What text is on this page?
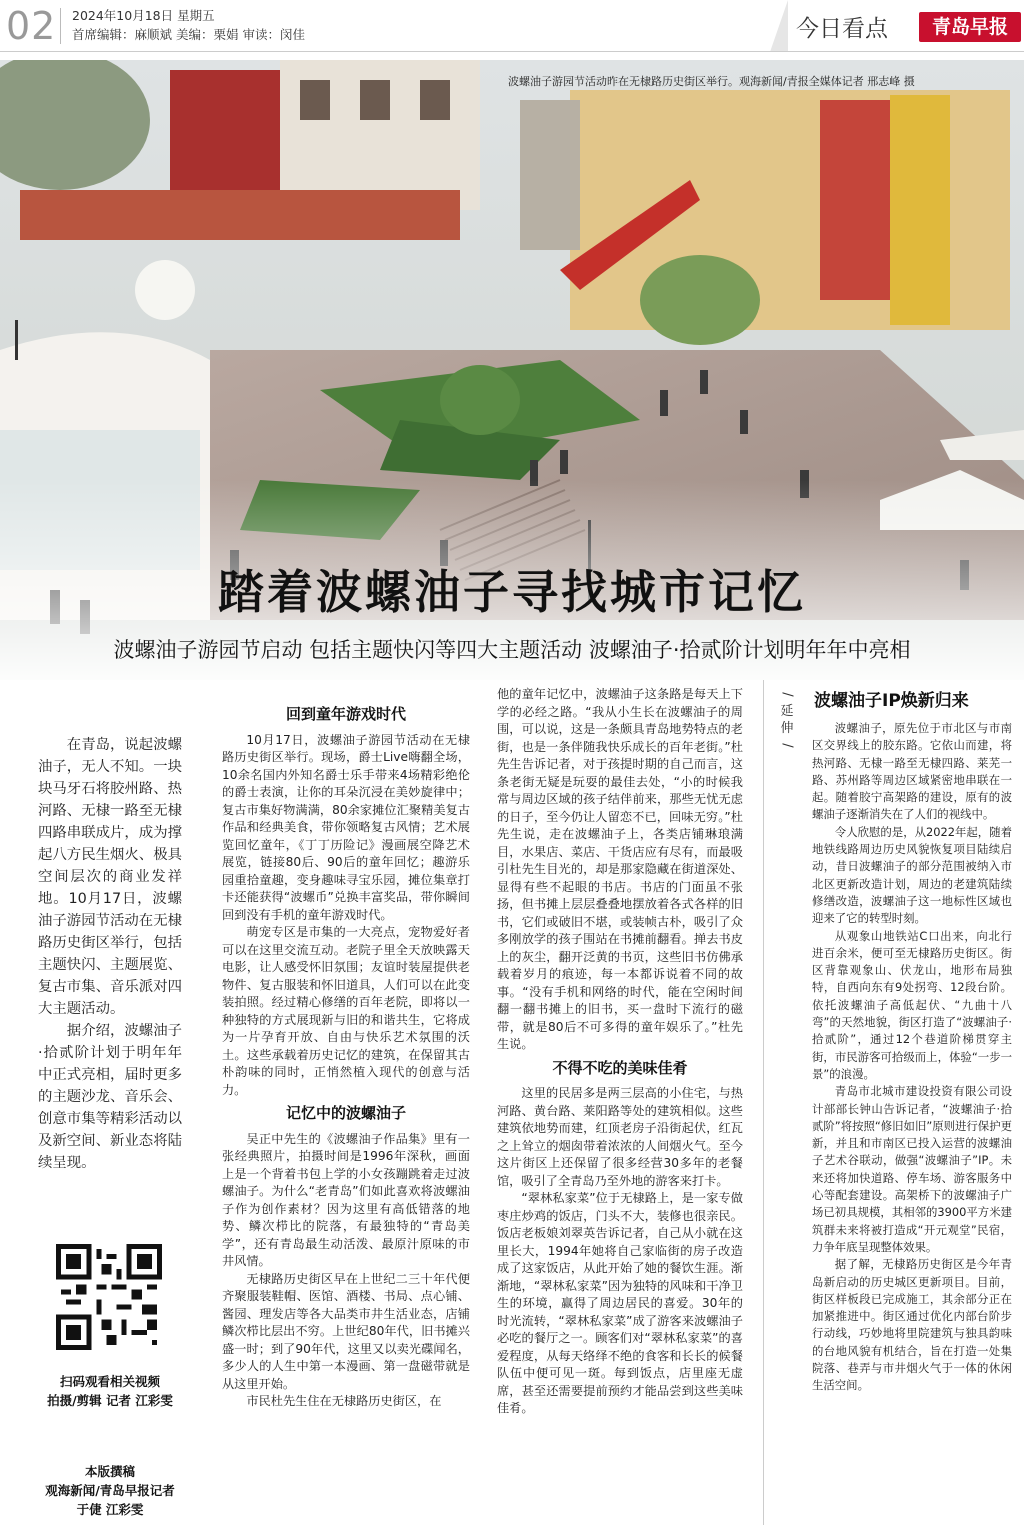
02 2024年10月18日 星期五
首席编辑：麻顺斌 美编：栗娟 审读：闵佳	今日看点	青岛早报
波螺油子游园节活动昨在无棣路历史街区举行。观海新闻/青报全媒体记者 邢志峰 摄
踏着波螺油子寻找城市记忆
波螺油子游园节启动 包括主题快闪等四大主题活动 波螺油子·拾贰阶计划明年年中亮相

在青岛，说起波螺油子，无人不知。一块块马牙石将胶州路、热河路、无棣一路至无棣四路串联成片，成为撑起八方民生烟火、极具空间层次的商业发祥地。10月17日，波螺油子游园节活动在无棣路历史街区举行，包括主题快闪、主题展览、复古市集、音乐派对四大主题活动。

据介绍，波螺油子·拾贰阶计划于明年年中正式亮相，届时更多的主题沙龙、音乐会、创意市集等精彩活动以及新空间、新业态将陆续呈现。

扫码观看相关视频
拍摄/剪辑 记者 江彩雯
本版撰稿
观海新闻/青岛早报记者
于倢 江彩雯
回到童年游戏时代

10月17日，波螺油子游园节活动在无棣路历史街区举行。现场，爵士Live嗨翻全场，10余名国内外知名爵士乐手带来4场精彩绝伦的爵士表演，让你的耳朵沉浸在美妙旋律中；复古市集好物满满，80余家摊位汇聚精美复古作品和经典美食，带你领略复古风情；艺术展览回忆童年，《丁丁历险记》漫画展空降艺术展览，链接80后、90后的童年回忆；趣游乐园重拾童趣，变身趣味寻宝乐园，摊位集章打卡还能获得“波螺币”兑换丰富奖品，带你瞬间回到没有手机的童年游戏时代。

萌宠专区是市集的一大亮点，宠物爱好者可以在这里交流互动。老院子里全天放映露天电影，让人感受怀旧氛围；友谊时装屋提供老物件、复古服装和怀旧道具，人们可以在此变装拍照。经过精心修缮的百年老院，即将以一种独特的方式展现新与旧的和谐共生，它将成为一片孕育开放、自由与快乐艺术氛围的沃土。这些承载着历史记忆的建筑，在保留其古朴韵味的同时，正悄然植入现代的创意与活力。

记忆中的波螺油子

吴正中先生的《波螺油子作品集》里有一张经典照片，拍摄时间是1996年深秋，画面上是一个背着书包上学的小女孩蹦跳着走过波螺油子。为什么“老青岛”们如此喜欢将波螺油子作为创作素材？因为这里有高低错落的地势、鳞次栉比的院落，有最独特的“青岛美学”，还有青岛最生动活泼、最原汁原味的市井风情。

无棣路历史街区早在上世纪二三十年代便齐聚服装鞋帽、医馆、酒楼、书局、点心铺、酱园、理发店等各大品类市井生活业态，店铺鳞次栉比层出不穷。上世纪80年代，旧书摊兴盛一时；到了90年代，这里又以卖光碟闻名，多少人的人生中第一本漫画、第一盘磁带就是从这里开始。

市民杜先生住在无棣路历史街区，在

他的童年记忆中，波螺油子这条路是每天上下学的必经之路。“我从小生长在波螺油子的周围，可以说，这是一条颇具青岛地势特点的老街，也是一条伴随我快乐成长的百年老街。”杜先生告诉记者，对于孩提时期的自己而言，这条老街无疑是玩耍的最佳去处，“小的时候我常与周边区域的孩子结伴前来，那些无忧无虑的日子，至今仍让人留恋不已，回味无穷。”杜先生说，走在波螺油子上，各类店铺琳琅满目，水果店、菜店、干货店应有尽有，而最吸引杜先生目光的，却是那家隐藏在街道深处、显得有些不起眼的书店。书店的门面虽不张扬，但书摊上层层叠叠地摆放着各式各样的旧书，它们或破旧不堪，或装帧古朴，吸引了众多刚放学的孩子围站在书摊前翻看。掸去书皮上的灰尘，翻开泛黄的书页，这些旧书仿佛承载着岁月的痕迹，每一本都诉说着不同的故事。“没有手机和网络的时代，能在空闲时间翻一翻书摊上的旧书，买一盘时下流行的磁带，就是80后不可多得的童年娱乐了。”杜先生说。

不得不吃的美味佳肴

这里的民居多是两三层高的小住宅，与热河路、黄台路、莱阳路等处的建筑相似。这些建筑依地势而建，红顶老房子沿街起伏，红瓦之上耸立的烟囱带着浓浓的人间烟火气。至今这片街区上还保留了很多经营30多年的老餐馆，吸引了全青岛乃至外地的游客来打卡。

“翠林私家菜”位于无棣路上，是一家专做枣庄炒鸡的饭店，门头不大，装修也很亲民。饭店老板娘刘翠英告诉记者，自己从小就在这里长大，1994年她将自己家临街的房子改造成了这家饭店，从此开始了她的餐饮生涯。渐渐地，“翠林私家菜”因为独特的风味和干净卫生的环境，赢得了周边居民的喜爱。30年的时光流转，“翠林私家菜”成了游客来波螺油子必吃的餐厅之一。顾客们对“翠林私家菜”的喜爱程度，从每天络绎不绝的食客和长长的候餐队伍中便可见一斑。每到饭点，店里座无虚席，甚至还需要提前预约才能品尝到这些美味佳肴。

/
延
伸
/
波螺油子IP焕新归来

波螺油子，原先位于市北区与市南区交界线上的胶东路。它依山而建，将热河路、无棣一路至无棣四路、莱芜一路、苏州路等周边区域紧密地串联在一起。随着胶宁高架路的建设，原有的波螺油子逐渐消失在了人们的视线中。

令人欣慰的是，从2022年起，随着地铁线路周边历史风貌恢复项目陆续启动，昔日波螺油子的部分范围被纳入市北区更新改造计划，周边的老建筑陆续修缮改造，波螺油子这一地标性区域也迎来了它的转型时刻。

从观象山地铁站C口出来，向北行进百余米，便可至无棣路历史街区。街区背靠观象山、伏龙山，地形布局独特，自西向东有9处拐弯、12段台阶。依托波螺油子高低起伏、“九曲十八弯”的天然地貌，街区打造了“波螺油子·拾贰阶”，通过12个巷道阶梯贯穿主街，市民游客可拾级而上，体验“一步一景”的浪漫。

青岛市北城市建设投资有限公司设计部部长钟山告诉记者，“波螺油子·拾贰阶”将按照“修旧如旧”原则进行保护更新，并且和市南区已投入运营的波螺油子艺术谷联动，做强“波螺油子”IP。未来还将加快道路、停车场、游客服务中心等配套建设。高架桥下的波螺油子广场已初具规模，其相邻的3900平方米建筑群未来将被打造成“开元观堂”民宿，力争年底呈现整体效果。

据了解，无棣路历史街区是今年青岛新启动的历史城区更新项目。目前，街区样板段已完成施工，其余部分正在加紧推进中。街区通过优化内部台阶步行动线，巧妙地将里院建筑与独具韵味的台地风貌有机结合，旨在打造一处集院落、巷弄与市井烟火气于一体的休闲生活空间。
